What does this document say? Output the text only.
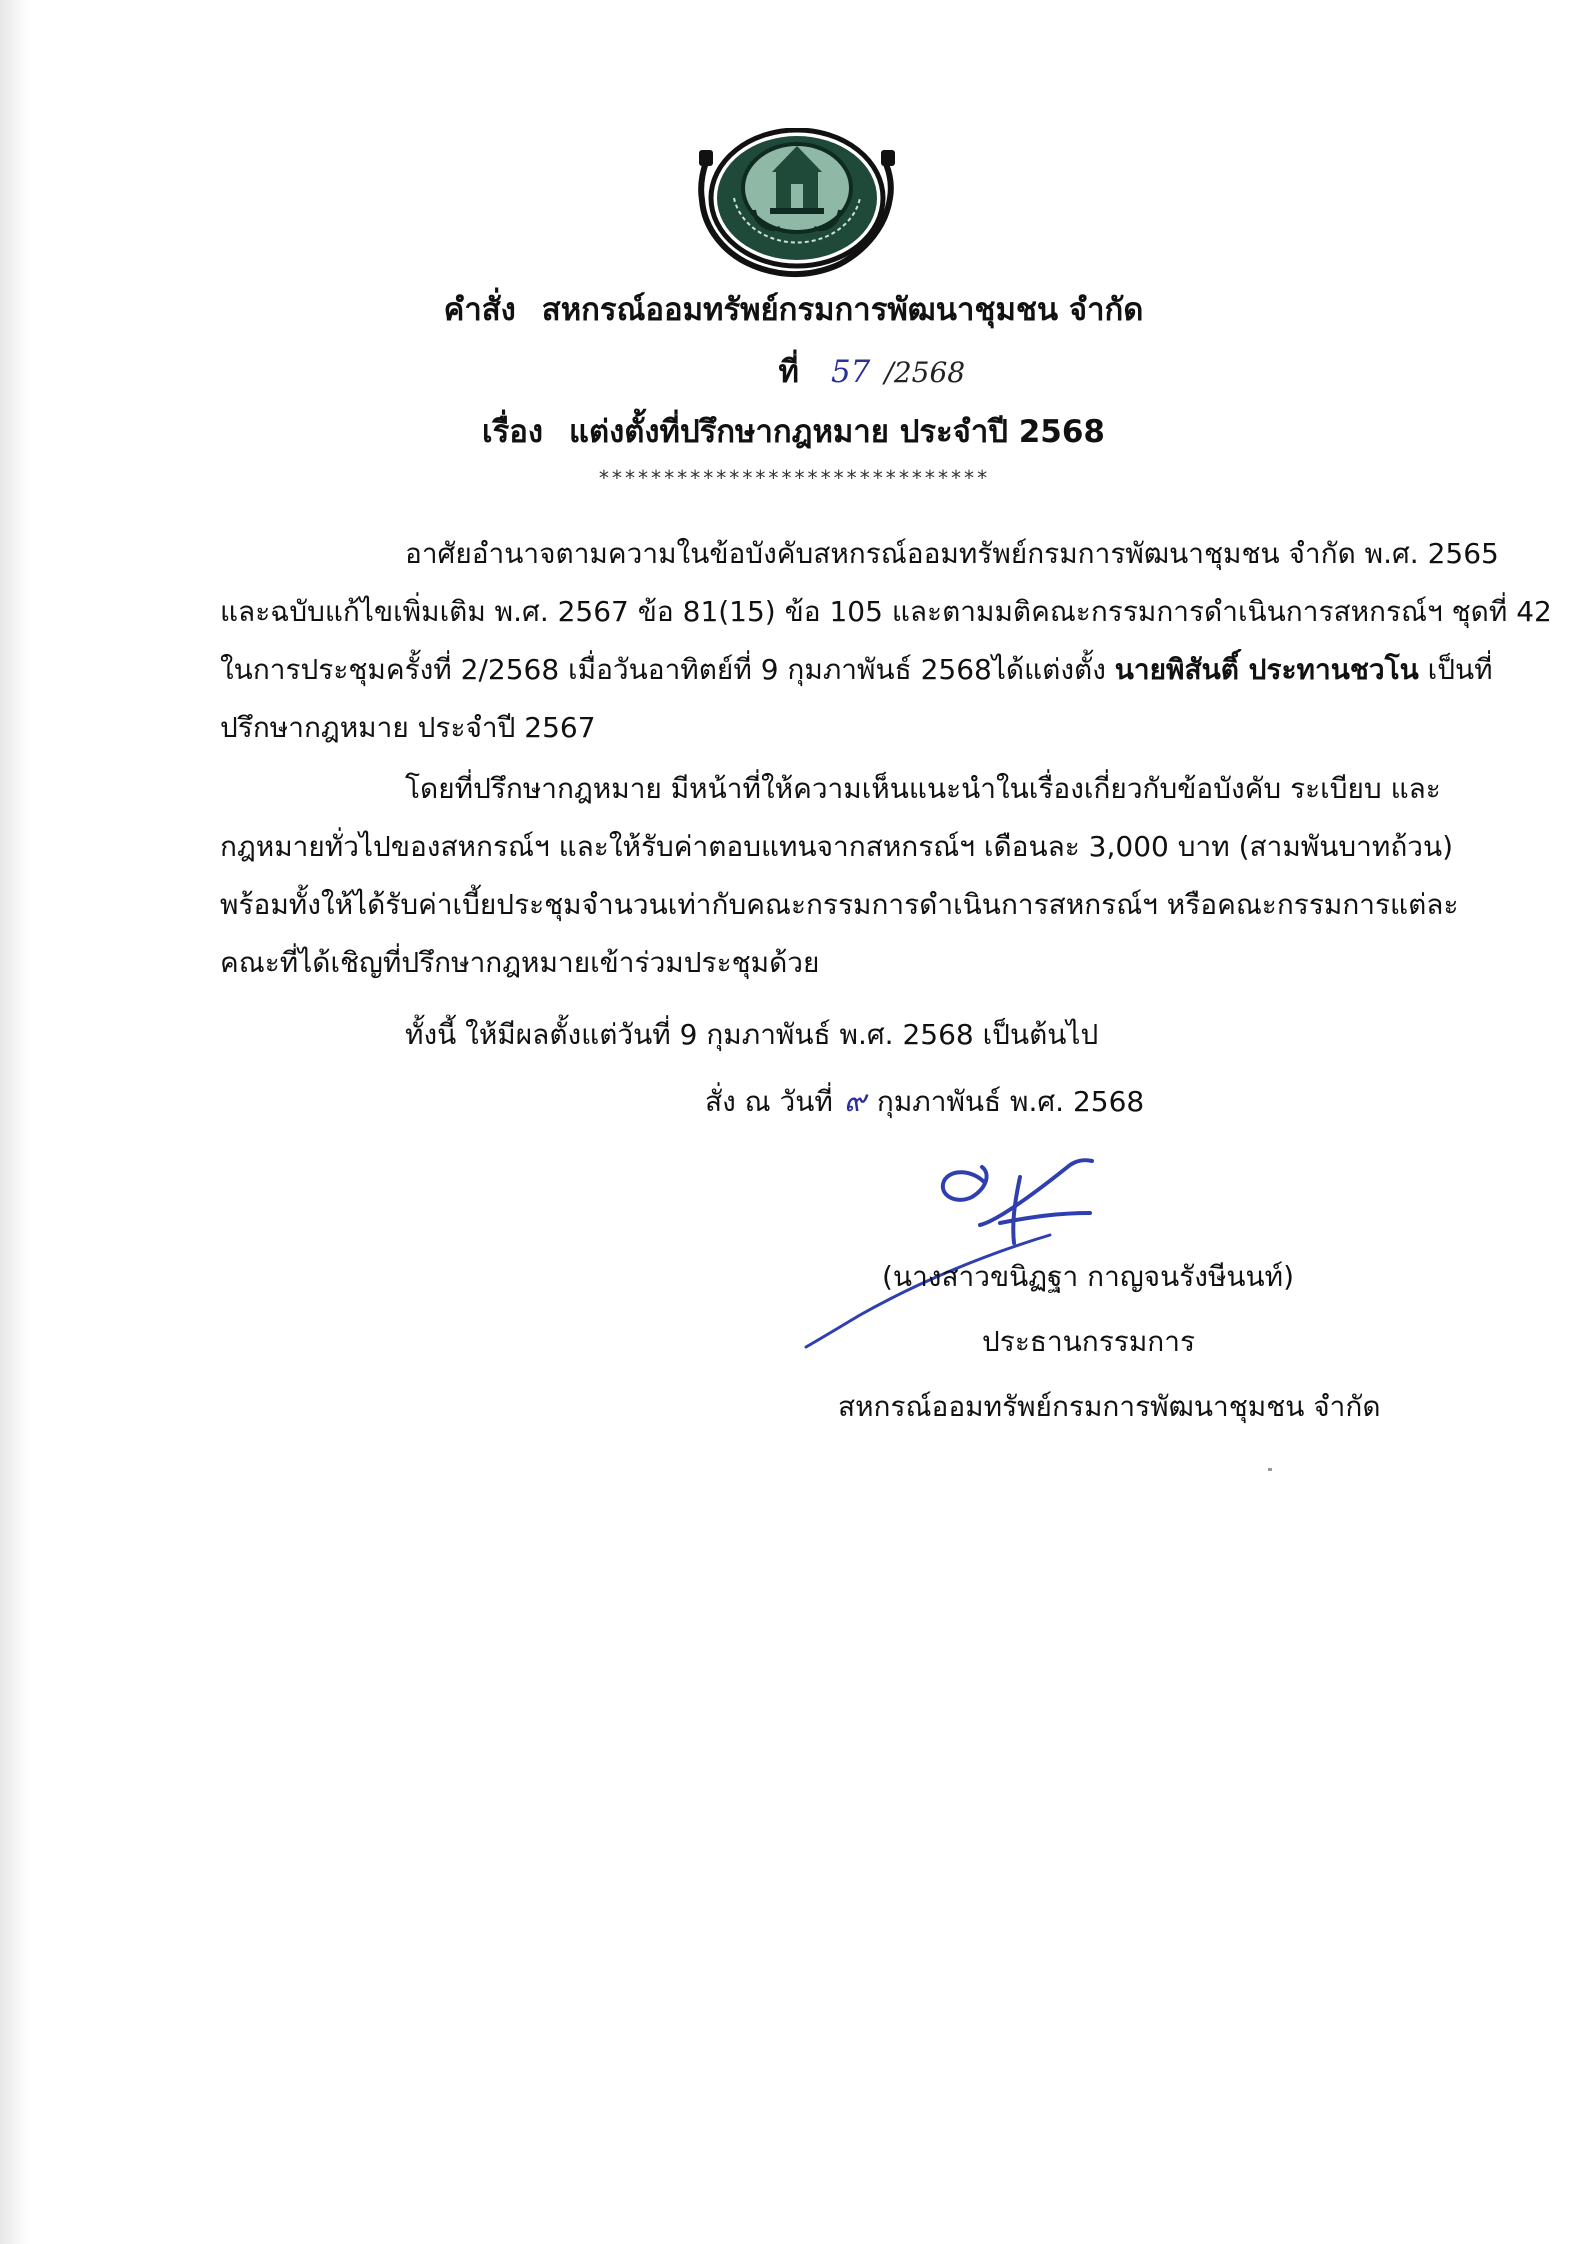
คำสั่ง สหกรณ์ออมทรัพย์กรมการพัฒนาชุมชน จำกัด
ที่ 57 /2568
เรื่อง แต่งตั้งที่ปรึกษากฎหมาย ประจำปี 2568
******************************

อาศัยอำนาจตามความในข้อบังคับสหกรณ์ออมทรัพย์กรมการพัฒนาชุมชน จำกัด พ.ศ. 2565

และฉบับแก้ไขเพิ่มเติม พ.ศ. 2567 ข้อ 81(15) ข้อ 105 และตามมติคณะกรรมการดำเนินการสหกรณ์ฯ ชุดที่ 42

ในการประชุมครั้งที่ 2/2568 เมื่อวันอาทิตย์ที่ 9 กุมภาพันธ์ 2568ได้แต่งตั้ง นายพิสันติ์ ประทานชวโน เป็นที่

ปรึกษากฎหมาย ประจำปี 2567

โดยที่ปรึกษากฎหมาย มีหน้าที่ให้ความเห็นแนะนำในเรื่องเกี่ยวกับข้อบังคับ ระเบียบ และ

กฎหมายทั่วไปของสหกรณ์ฯ และให้รับค่าตอบแทนจากสหกรณ์ฯ เดือนละ 3,000 บาท (สามพันบาทถ้วน)

พร้อมทั้งให้ได้รับค่าเบี้ยประชุมจำนวนเท่ากับคณะกรรมการดำเนินการสหกรณ์ฯ หรือคณะกรรมการแต่ละ

คณะที่ได้เชิญที่ปรึกษากฎหมายเข้าร่วมประชุมด้วย

ทั้งนี้ ให้มีผลตั้งแต่วันที่ 9 กุมภาพันธ์ พ.ศ. 2568 เป็นต้นไป

สั่ง ณ วันที่ ๙ กุมภาพันธ์ พ.ศ. 2568
(นางสาวขนิฏฐา กาญจนรังษีนนท์)
ประธานกรรมการ
สหกรณ์ออมทรัพย์กรมการพัฒนาชุมชน จำกัด
